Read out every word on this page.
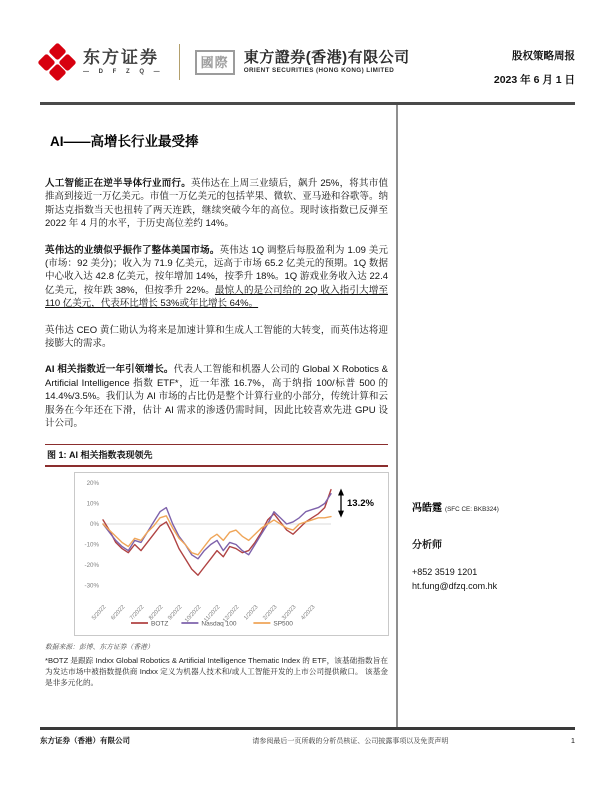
东方证券
— D F Z Q —
國際	東方證券(香港)有限公司
ORIENT SECURITIES (HONG KONG) LIMITED
股权策略周报
2023 年 6 月 1 日
AI——高增长行业最受捧

人工智能正在逆半导体行业而行。英伟达在上周三业绩后，飙升 25%，将其市值推高到接近一万亿美元。市值一万亿美元的包括苹果、微软、亚马逊和谷歌等。纳斯达克指数当天也扭转了两天连跌，继续突破今年的高位。现时该指数已反弹至 2022 年 4 月的水平，于历史高位差约 14%。

英伟达的业绩似乎振作了整体美国市场。英伟达 1Q 调整后每股盈利为 1.09 美元(市场：92 美分)；收入为 71.9 亿美元，远高于市场 65.2 亿美元的预期。1Q 数据中心收入达 42.8 亿美元，按年增加 14%，按季升 18%。1Q 游戏业务收入达 22.4 亿美元，按年跌 38%，但按季升 22%。最惊人的是公司给的 2Q 收入指引大增至 110 亿美元，代表环比增长 53%或年比增长 64%。

英伟达 CEO 黄仁勋认为将来是加速计算和生成人工智能的大转变，而英伟达将迎接膨大的需求。

AI 相关指数近一年引领增长。代表人工智能和机器人公司的 Global X Robotics & Artificial Intelligence 指数 ETF*，近一年涨 16.7%，高于纳指 100/标普 500 的 14.4%/3.5%。我们认为 AI 市场的占比仍是整个计算行业的小部分，传统计算和云服务在今年还在下滑，估计 AI 需求的渗透仍需时间，因此比较喜欢先进 GPU 设计公司。

图 1: AI 相关指数表现领先
20%
10%
0%
-10%
-20%
-30%
5/2022 6/2022 7/2022 8/2022 9/2022 10/2022 11/2022 12/2022 1/2023 2/2023 3/2023 4/2023
13.2%
BOTZ	Nasdaq 100	SP500
数据来源：彭博、东方证券（香港）
*BOTZ 是跟踪 Indxx Global Robotics & Artificial Intelligence Thematic Index 的 ETF，该基础指数旨在为发达市场中被指数提供商 Indxx 定义为机器人技术和/或人工智能开发的上市公司提供敞口。 该基金是非多元化的。
冯皓霆 (SFC CE: BKB324)
分析师
+852 3519 1201
ht.fung@dfzq.com.hk
东方证券（香港）有限公司	请参阅最后一页所载的分析员核证、公司披露事项以及免责声明	1
